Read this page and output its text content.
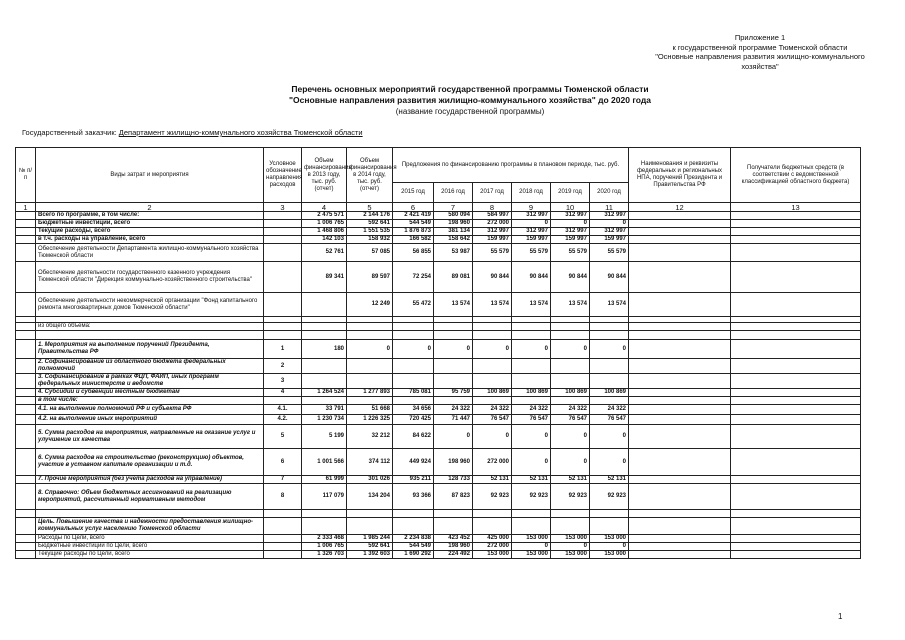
Приложение 1
к государственной программе Тюменской области
"Основные направления развития жилищно-коммунального
хозяйства"
Перечень основных мероприятий государственной программы Тюменской области
"Основные направления развития жилищно-коммунального хозяйства" до 2020 года
(название государственной программы)
Государственный заказчик: Департамент жилищно-коммунального хозяйства Тюменской области
№ п/п	Виды затрат и мероприятия	Условное обозначение направления расходов	Объем финансирования в 2013 году, тыс. руб. (отчет)	Объем финансирования в 2014 году, тыс. руб. (отчет)	Предложения по финансированию программы в плановом периоде, тыс. руб.						Наименования и реквизиты федеральных и региональных НПА, поручений Президента и Правительства РФ	Получатели бюджетных средств (в соответствии с ведомственной классификацией областного бюджета)
					2015 год	2016 год	2017 год	2018 год	2019 год	2020 год		
1	2	3	4	5	6	7	8	9	10	11	12	13
	Всего по программе, в том числе:		2 475 571	2 144 176	2 421 419	580 094	584 997	312 997	312 997	312 997		
	Бюджетные инвестиции, всего		1 006 765	592 641	544 549	198 960	272 000	0	0	0		
	Текущие расходы, всего		1 468 806	1 551 535	1 876 873	381 134	312 997	312 997	312 997	312 997		
	в т.ч. расходы на управление, всего		142 103	158 932	166 582	158 642	159 997	159 997	159 997	159 997		
	Обеспечение деятельности Департамента жилищно-коммунального хозяйства Тюменской области		52 761	57 085	56 855	53 987	55 579	55 579	55 579	55 579		
	Обеспечение деятельности государственного казенного учреждения Тюменской области "Дирекция коммунально-хозяйственного строительства"		89 341	89 597	72 254	89 081	90 844	90 844	90 844	90 844		
	Обеспечение деятельности некоммерческой организации "Фонд капитального ремонта многоквартирных домов Тюменской области"			12 249	55 472	13 574	13 574	13 574	13 574	13 574		

	из общего объема:											

	1. Мероприятия на выполнение поручений Президента, Правительства РФ	1	180	0	0	0	0	0	0	0		
	2. Софинансирование из областного бюджета федеральных полномочий	2										
	3. Софинансирование в рамках ФЦП, ФАИП, иных программ федеральных министерств и ведомств	3										
	4. Субсидии и субвенции местным бюджетам	4	1 264 524	1 277 893	785 081	95 759	100 869	100 869	100 869	100 869		
	в том числе:											
	4.1. на выполнение полномочий РФ и субъекта РФ	4.1.	33 791	51 668	34 656	24 322	24 322	24 322	24 322	24 322		
	4.2. на выполнение иных мероприятий	4.2.	1 230 734	1 226 325	720 425	71 447	76 547	76 547	76 547	76 547		
	5. Сумма расходов на мероприятия, направленные на оказание услуг и улучшение их качества	5	5 199	32 212	84 622	0	0	0	0	0		
	6. Сумма расходов на строительство (реконструкцию) объектов, участие в уставном капитале организации и т.д.	6	1 001 566	374 112	449 924	198 960	272 000	0	0	0		
	7. Прочие мероприятия (без учета расходов на управление)	7	61 999	301 026	935 211	128 733	52 131	52 131	52 131	52 131		
	8. Справочно: Объем бюджетных ассигнований на реализацию мероприятий, рассчитанный нормативным методом	8	117 079	134 204	93 366	87 823	92 923	92 923	92 923	92 923		

	Цель. Повышение качества и надежности предоставления жилищно-коммунальных услуг населению Тюменской области											
	Расходы по Цели, всего		2 333 468	1 985 244	2 234 838	423 452	425 000	153 000	153 000	153 000		
	Бюджетные инвестиции по Цели, всего		1 006 765	592 641	544 549	198 960	272 000	0	0	0		
	Текущие расходы по Цели, всего		1 326 703	1 392 603	1 690 292	224 492	153 000	153 000	153 000	153 000		
1
